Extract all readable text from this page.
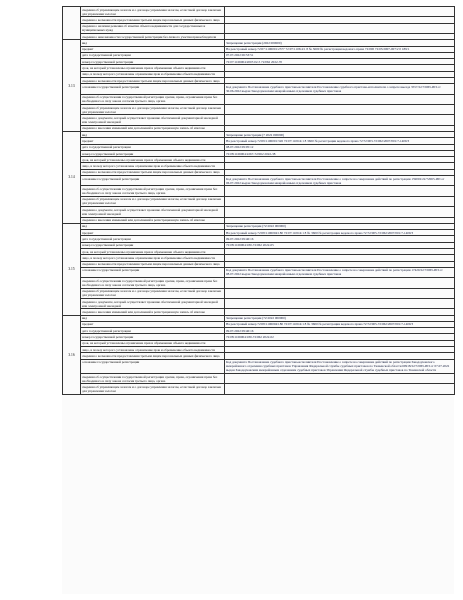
	сведения об управляющем залогом и о договоре управления залогом, если такой договор заключен для управления залогом	
	сведения о возможности предоставления третьим лицам персональных данных физического лица	
	сведения о наличии решения об изъятии объекта недвижимости для государственных и муниципальных нужд	
	сведения о невозможности государственной регистрации без личного участия правообладателя	
3.13	вид	Запрещение регистрации (2022 000000)
	предмет	На реестровый номер 72:07:1106001:2377 72:07:1106:4/1 8 № 3600 № регистрации ведомого права 72/000 72/03/2007-007/2 0 189/1
	дата государственной регистрации	07.07.2022 06:53:51
	номер государственной регистрации	72:07:1106004:2003 02-5 72/062 2022-70
	срок, на который установлены ограничение прав и обременение объекта недвижимости	
	лицо, в пользу которого установлены ограничение прав и обременение объекта недвижимости	
	сведения о возможности предоставления третьим лицам персональных данных физического лица	
	основание государственной регистрации	Код документа Постановление судебного пристава-исполнителя Постановление судебного пристава-исполнителя о запрете выезда 3557/22/72065-ИП от 30.06.2022 выдан Заводоуковским межрайонным отделением судебных приставов
	сведения об осуществлении государственной регистрации сделки, права, ограничения права без необходимого в силу закона согласия третьего лица, органа	
	сведения об управляющем залогом и о договоре управления залогом, если такой договор заключен для управления залогом	
	сведения о документе, который осуществляет хранение обеспеченной документарной закладной или электронной закладной	
	сведения о внесении изменений или дополнений в регистрационную запись об ипотеке	
3.14	вид	Запрещение регистрации (7 2022 000000)
	предмет	На реестровый номер 72:09:1106001:326 72:07:1106:4/1 8 3600 № регистрации ведомого права 72:72/003-72/062/2007/001/7-1409/3
	дата государственной регистрации	08.07.2022 09:05:12
	номер государственной регистрации	72:08:1106004:2267-72/062 2022-38
	срок, на который установлены ограничение прав и обременение объекта недвижимости	
	лицо, в пользу которого установлены ограничение прав и обременение объекта недвижимости	
	сведения о возможности предоставления третьим лицам персональных данных физического лица	
	основание государственной регистрации	Код документа Постановление судебного пристава-исполнителя Постановление о запрете на совершение действий по регистрации 159002/22/72065-ИП от 06.07.2022 выдан Заводоуковским межрайонным отделением судебных приставов
	сведения об осуществлении государственной регистрации сделки, права, ограничения права без необходимого в силу закона согласия третьего лица, органа	
	сведения об управляющем залогом и о договоре управления залогом, если такой договор заключен для управления залогом	
	сведения о документе, который осуществляет хранение обеспеченной документарной закладной или электронной закладной	
	сведения о внесении изменений или дополнений в регистрационную запись об ипотеке	
3.15	вид	Запрещение регистрации (72:2022 000000)
	предмет	На реестровый номер 72:08:1106004:180 72:07:1106:4/1 8 № 3600 № регистрации ведомого права 72:72/005-72/062/2007/001/7-1409/3
	дата государственной регистрации	09.07.2022 09:46:16
	номер государственной регистрации	72:08:1106004:180-72/062 2022-05
	срок, на который установлены ограничение прав и обременение объекта недвижимости	
	лицо, в пользу которого установлены ограничение прав и обременение объекта недвижимости	
	сведения о возможности предоставления третьим лицам персональных данных физического лица	
	основание государственной регистрации	Код документа Постановление судебного пристава-исполнителя Постановление о запрете на совершение действий по регистрации 17420/22/72065-ИП от 08.07.2022 выдан Заводоуковским межрайонным отделением судебных приставов
	сведения об осуществлении государственной регистрации сделки, права, ограничения права без необходимого в силу закона согласия третьего лица, органа	
	сведения об управляющем залогом и о договоре управления залогом, если такой договор заключен для управления залогом	
	сведения о документе, который осуществляет хранение обеспеченной документарной закладной или электронной закладной	
	сведения о внесении изменений или дополнений в регистрационную запись об ипотеке	
3.16	вид	Запрещение регистрации (72:2022 000000)
	предмет	На реестровый номер 72:08:1106004:180 72:07:1106:4/1 8 № 3600 № регистрации ведомого права 72:72/005-72/062/2007/001/7-1409/3
	дата государственной регистрации	09.07.2022 09:46:16
	номер государственной регистрации	72:08:1106004:180-72/062 2022-02
	срок, на который установлены ограничение прав и обременение объекта недвижимости	
	лицо, в пользу которого установлены ограничение прав и обременение объекта недвижимости	
	сведения о возможности предоставления третьим лицам персональных данных физического лица	
	основание государственной регистрации	Код документа Постановление судебного пристава-исполнителя Постановление о запрете на совершение действий по регистрации Заводоуковского межрайонного отделения судебных приставов Управления Федеральной службы судебных приставов по Тюменской области 69918/22/72065-ИП от 07.07.2022 выдан Заводоуковским межрайонным отделением судебных приставов Управления Федеральной службы судебных приставов по Тюменской области
	сведения об осуществлении государственной регистрации сделки, права, ограничения права без необходимого в силу закона согласия третьего лица, органа	
	сведения об управляющем залогом и о договоре управления залогом, если такой договор заключен для управления залогом	
